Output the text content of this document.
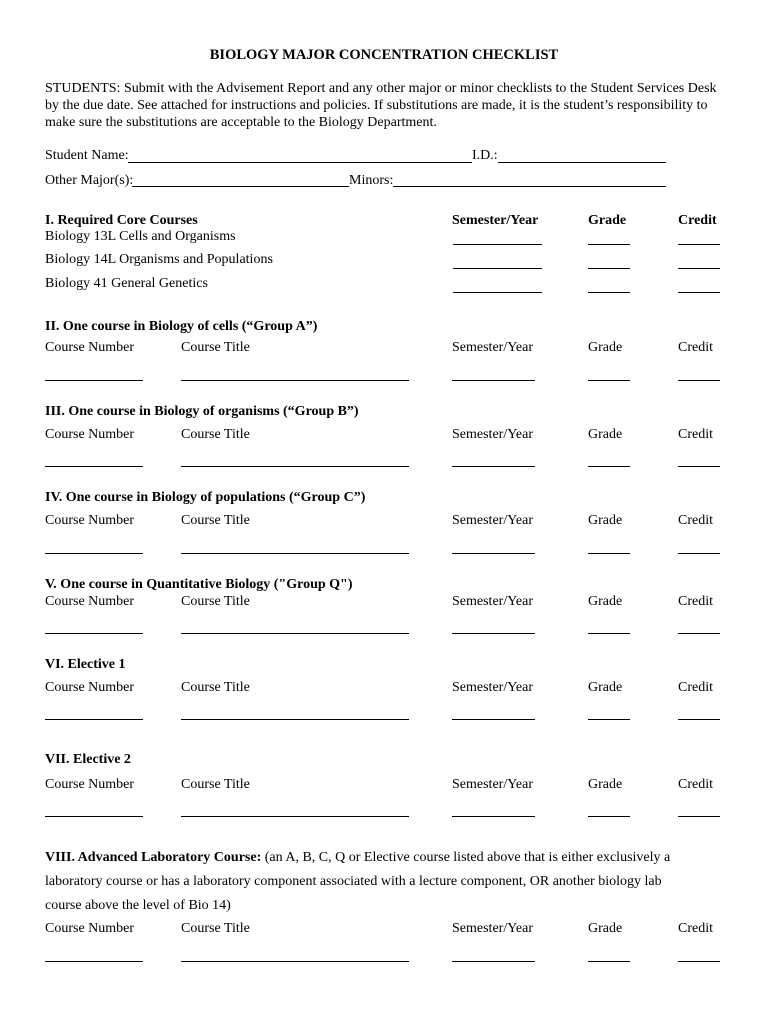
BIOLOGY MAJOR CONCENTRATION CHECKLIST
STUDENTS: Submit with the Advisement Report and any other major or minor checklists to the Student Services Desk by the due date. See attached for instructions and policies. If substitutions are made, it is the student’s responsibility to make sure the substitutions are acceptable to the Biology Department.
Student Name:	I.D.:
Other Major(s):	Minors:
I. Required Core Courses	Semester/Year	Grade	Credit
Biology 13L Cells and Organisms
Biology 14L Organisms and Populations
Biology 41 General Genetics
II. One course in Biology of cells (“Group A”)
Course Number	Course Title	Semester/Year	Grade	Credit
III. One course in Biology of organisms (“Group B”)
Course Number	Course Title	Semester/Year	Grade	Credit
IV. One course in Biology of populations (“Group C”)
Course Number	Course Title	Semester/Year	Grade	Credit
V. One course in Quantitative Biology ("Group Q")
Course Number	Course Title	Semester/Year	Grade	Credit
VI. Elective 1
Course Number	Course Title	Semester/Year	Grade	Credit
VII. Elective 2
Course Number	Course Title	Semester/Year	Grade	Credit
VIII. Advanced Laboratory Course: (an A, B, C, Q or Elective course listed above that is either exclusively a laboratory course or has a laboratory component associated with a lecture component, OR another biology lab course above the level of Bio 14)
Course Number	Course Title	Semester/Year	Grade	Credit
